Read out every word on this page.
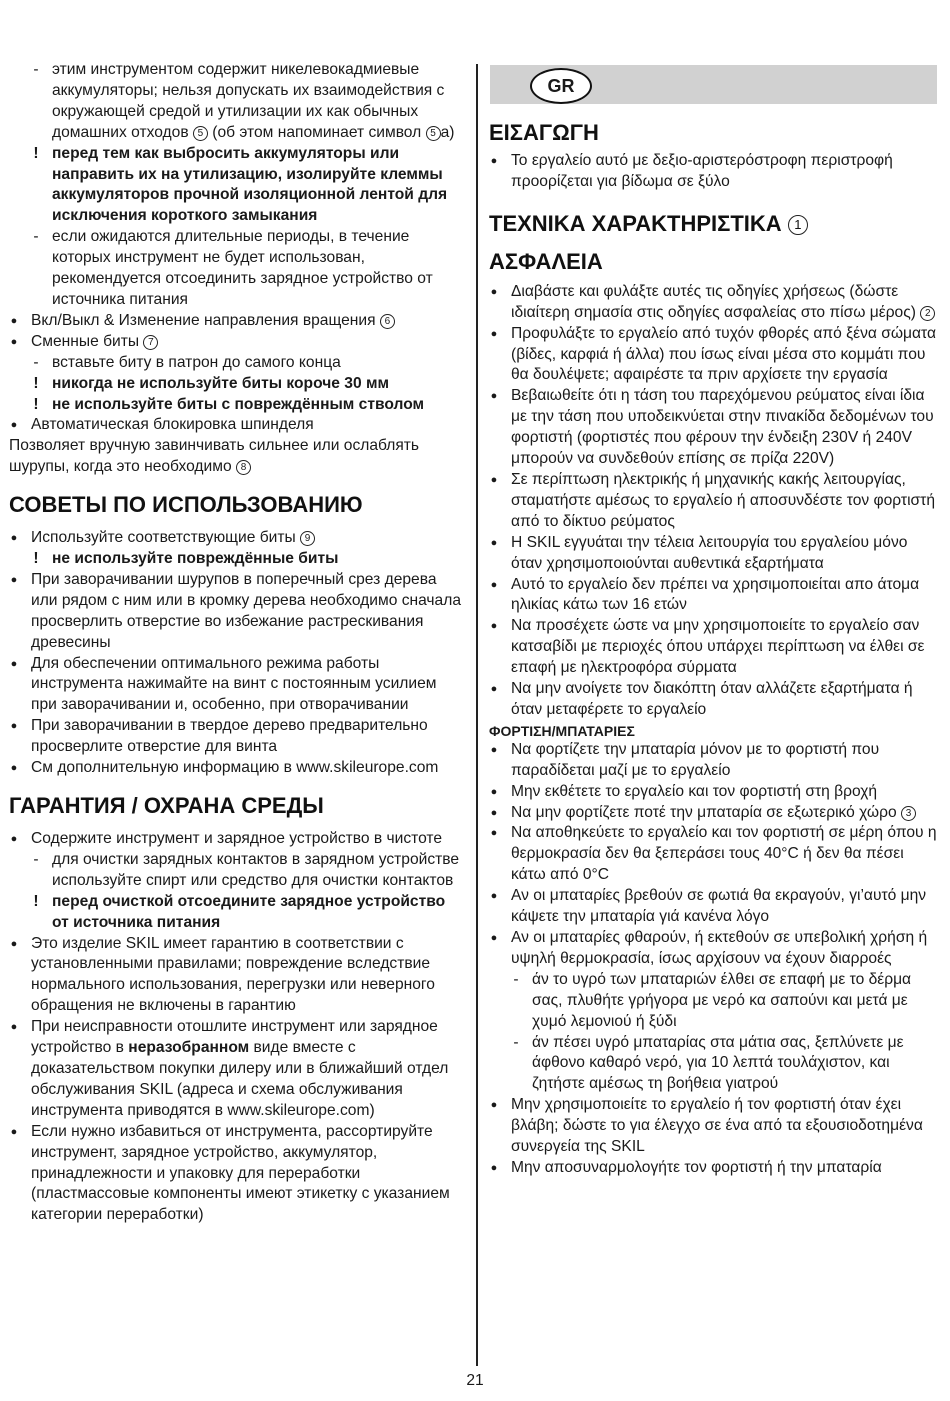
GR
- этим инструментом содержит никелевокадмиевые аккумуляторы; нельзя допускать их взаимодействия с окружающей средой и утилизации их как обычных домашних отходов 5 (об этом напоминает символ 5 a)
! перед тем как выбросить аккумуляторы или направить их на утилизацию, изолируйте клеммы аккумуляторов прочной изоляционной лентой для исключения короткого замыкания
- если ожидаются длительные периоды, в течение которых инструмент не будет использован, рекомендуется отсоединить зарядное устройство от источника питания
● Вкл/Выкл & Изменение направления вращения 6
● Сменные биты 7
- вставьте биту в патрон до самого конца
! никогда не используйте биты короче 30 мм
! не используйте биты с повреждённым стволом
● Автоматическая блокировка шпинделя
Позволяет вручную завинчивать сильнее или ослаблять шурупы, когда это необходимо 8
СОВЕТЫ ПО ИСПОЛЬЗОВАНИЮ
● Используйте соответствующие биты 9
! не используйте повреждённые биты
● При заворачивании шурупов в поперечный срез дерева или рядом с ним или в кромку дерева необходимо сначала просверлить отверстие во избежание растрескивания древесины
● Для обеспечении оптимального режима работы инструмента нажимайте на винт с постоянным усилием при заворачивании и, особенно, при отворачивании
● При заворачивании в твердое дерево предварительно просверлите отверстие для винта
● См дополнительную информацию в www.skileurope.com
ГАРАНТИЯ / ОХРАНА СРЕДЫ
● Содержите инструмент и зарядное устройство в чистоте
- для очистки зарядных контактов в зарядном устройстве используйте спирт или средство для очистки контактов
! перед очисткой отсоедините зарядное устройство от источника питания
● Это изделие SKIL имеет гарантию в соответствии с установленными правилами; повреждение вследствие нормального использования, перегрузки или неверного обращения не включены в гарантию
● При неисправности отошлите инструмент или зарядное устройство в неразобранном виде вместе с доказательством покупки дилеру или в ближайший отдел обслуживания SKIL (адреса и схема обслуживания инструмента приводятся в www.skileurope.com)
● Если нужно избавиться от инструмента, рассортируйте инструмент, зарядное устройство, аккумулятор, принадлежности и упаковку для переработки (пластмассовые компоненты имеют этикетку с указанием категории переработки)
ΕΙΣΑΓΩΓΗ
● Το εργαλείο αυτό με δεξιο-αριστερόστροφη περιστροφή προορίζεται για βίδωμα σε ξύλο
ΤΕΧΝΙΚΑ ΧΑΡΑΚΤΗΡΙΣΤΙΚΑ 1
ΑΣΦΑΛΕΙΑ
● Διαβάστε και φυλάξτε αυτές τις οδηγίες χρήσεως (δώστε ιδιαίτερη σημασία στις οδηγίες ασφαλείας στο πίσω μέρος) 2
● Προφυλάξτε το εργαλείο από τυχόν φθορές από ξένα σώματα (βίδες, καρφιά ή άλλα) που ίσως είναι μέσα στο κομμάτι που θα δουλέψετε; αφαιρέστε τα πριν αρχίσετε την εργασία
● Βεβαιωθείτε ότι η τάση του παρεχόμενου ρεύματος είναι ίδια με την τάση που υποδεικνύεται στην πινακίδα δεδομένων του φορτιστή (φορτιστές που φέρουν την ένδειξη 230V ή 240V μπορούν να συνδεθούν επίσης σε πρίζα 220V)
● Σε περίπτωση ηλεκτρικής ή μηχανικής κακής λειτουργίας, σταματήστε αμέσως το εργαλείο ή αποσυνδέστε τον φορτιστή από το δίκτυο ρεύματος
● Η SKIL εγγυάται την τέλεια λειτουργία του εργαλείου μόνο όταν χρησιμοποιούνται αυθεντικά εξαρτήματα
● Αυτό το εργαλείο δεν πρέπει να χρησιμοποιείται απο άτομα ηλικίας κάτω των 16 ετών
● Να προσέχετε ώστε να μην χρησιμοποιείτε το εργαλείο σαν κατσαβίδι με περιοχές όπου υπάρχει περίπτωση να έλθει σε επαφή με ηλεκτροφόρα σύρματα
● Να μην ανοίγετε τον διακόπτη όταν αλλάζετε εξαρτήματα ή όταν μεταφέρετε το εργαλείο
ΦΟΡΤΙΣΗ/ΜΠΑΤΑΡΙΕΣ
● Να φορτίζετε την μπαταρία μόνον με το φορτιστή που παραδίδεται μαζί με το εργαλείο
● Μην εκθέτετε το εργαλείο και τον φορτιστή στη βροχή
● Να μην φορτίζετε ποτέ την μπαταρία σε εξωτερικό χώρο 3
● Να αποθηκεύετε το εργαλείο και τον φορτιστή σε μέρη όπου η θερμοκρασία δεν θα ξεπεράσει τους 40°C ή δεν θα πέσει κάτω από 0°C
● Αν οι μπαταρίες βρεθούν σε φωτιά θα εκραγούν, γι’αυτό μην κάψετε την μπαταρία γιά κανένα λόγο
● Αν οι μπαταρίες φθαρούν, ή εκτεθούν σε υπεβολική χρήση ή υψηλή θερμοκρασία, ίσως αρχίσουν να έχουν διαρροές
- άν το υγρό των μπαταριών έλθει σε επαφή με το δέρμα σας, πλυθήτε γρήγορα με νερό κα σαπούνι και μετά με χυμό λεμονιού ή ξύδι
- άν πέσει υγρό μπαταρίας στα μάτια σας, ξεπλύνετε με άφθονο καθαρό νερό, για 10 λεπτά τουλάχιστον, και ζητήστε αμέσως τη βοήθεια γιατρού
● Μην χρησιμοποιείτε το εργαλείο ή τον φορτιστή όταν έχει βλάβη; δώστε το για έλεγχο σε ένα από τα εξουσιοδοτημένα συνεργεία της SKIL
● Μην αποσυναρμολογήτε τον φορτιστή ή την μπαταρία
21
